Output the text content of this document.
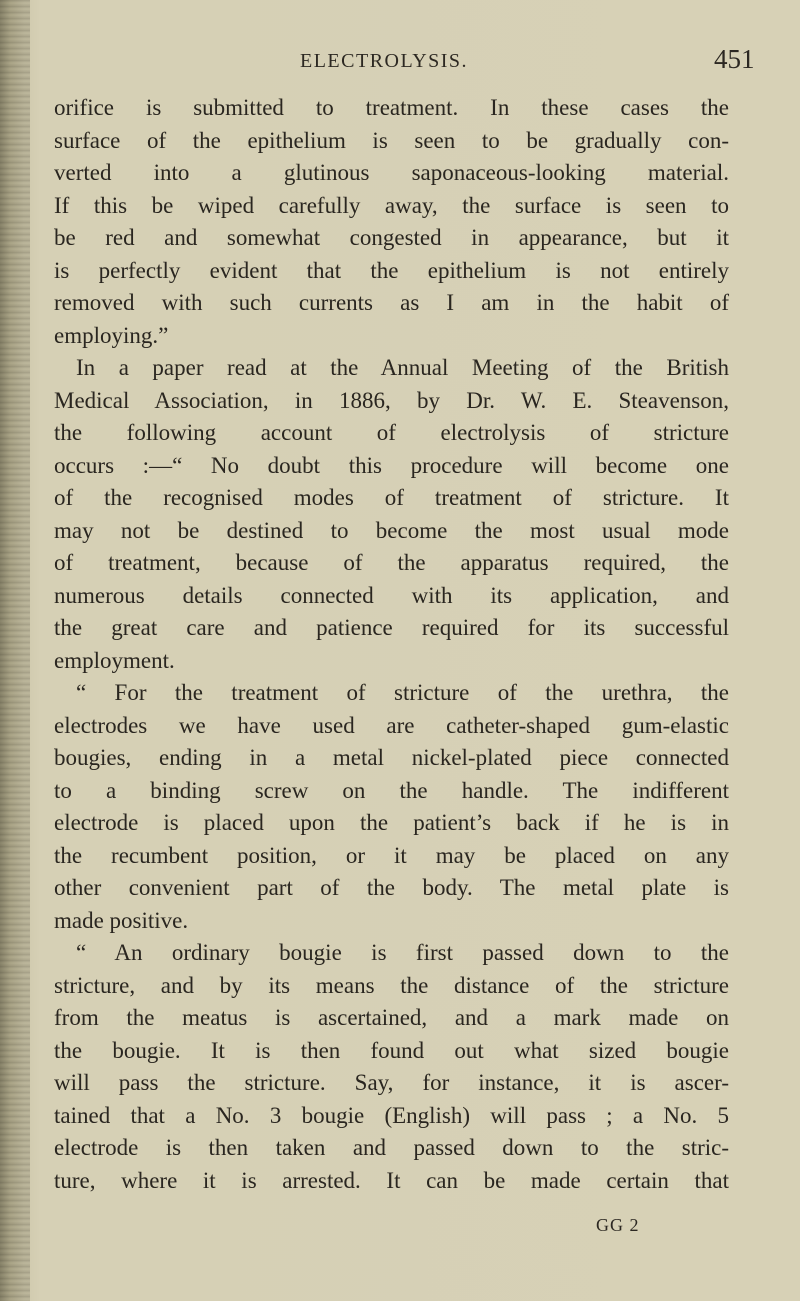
ELECTROLYSIS.	451
orifice is submitted to treatment. In these cases the
surface of the epithelium is seen to be gradually con-
verted into a glutinous saponaceous-looking material.
If this be wiped carefully away, the surface is seen to
be red and somewhat congested in appearance, but it
is perfectly evident that the epithelium is not entirely
removed with such currents as I am in the habit of
employing.”
In a paper read at the Annual Meeting of the British
Medical Association, in 1886, by Dr. W. E. Steavenson,
the following account of electrolysis of stricture
occurs :—“ No doubt this procedure will become one
of the recognised modes of treatment of stricture. It
may not be destined to become the most usual mode
of treatment, because of the apparatus required, the
numerous details connected with its application, and
the great care and patience required for its successful
employment.
“ For the treatment of stricture of the urethra, the
electrodes we have used are catheter-shaped gum-elastic
bougies, ending in a metal nickel-plated piece connected
to a binding screw on the handle. The indifferent
electrode is placed upon the patient’s back if he is in
the recumbent position, or it may be placed on any
other convenient part of the body. The metal plate is
made positive.
“ An ordinary bougie is first passed down to the
stricture, and by its means the distance of the stricture
from the meatus is ascertained, and a mark made on
the bougie. It is then found out what sized bougie
will pass the stricture. Say, for instance, it is ascer-
tained that a No. 3 bougie (English) will pass ; a No. 5
electrode is then taken and passed down to the stric-
ture, where it is arrested. It can be made certain that
GG 2
